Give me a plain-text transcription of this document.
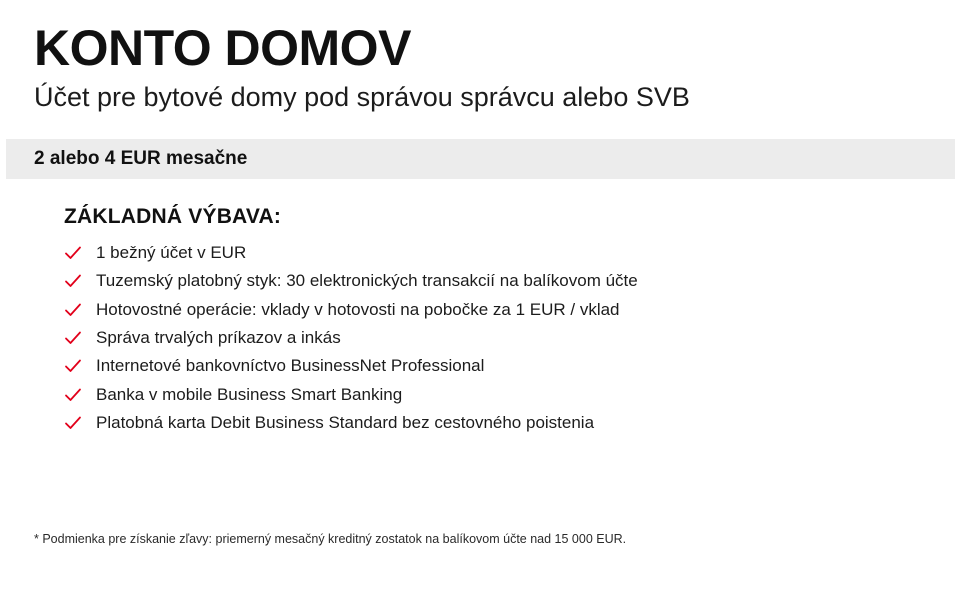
KONTO DOMOV

Účet pre bytové domy pod správou správcu alebo SVB

2 alebo 4 EUR mesačne
ZÁKLADNÁ VÝBAVA:
1 bežný účet v EUR
Tuzemský platobný styk: 30 elektronických transakcií na balíkovom účte
Hotovostné operácie: vklady v hotovosti na pobočke za 1 EUR / vklad
Správa trvalých príkazov a inkás
Internetové bankovníctvo BusinessNet Professional
Banka v mobile Business Smart Banking
Platobná karta Debit Business Standard bez cestovného poistenia
* Podmienka pre získanie zľavy: priemerný mesačný kreditný zostatok na balíkovom účte nad 15 000 EUR.
